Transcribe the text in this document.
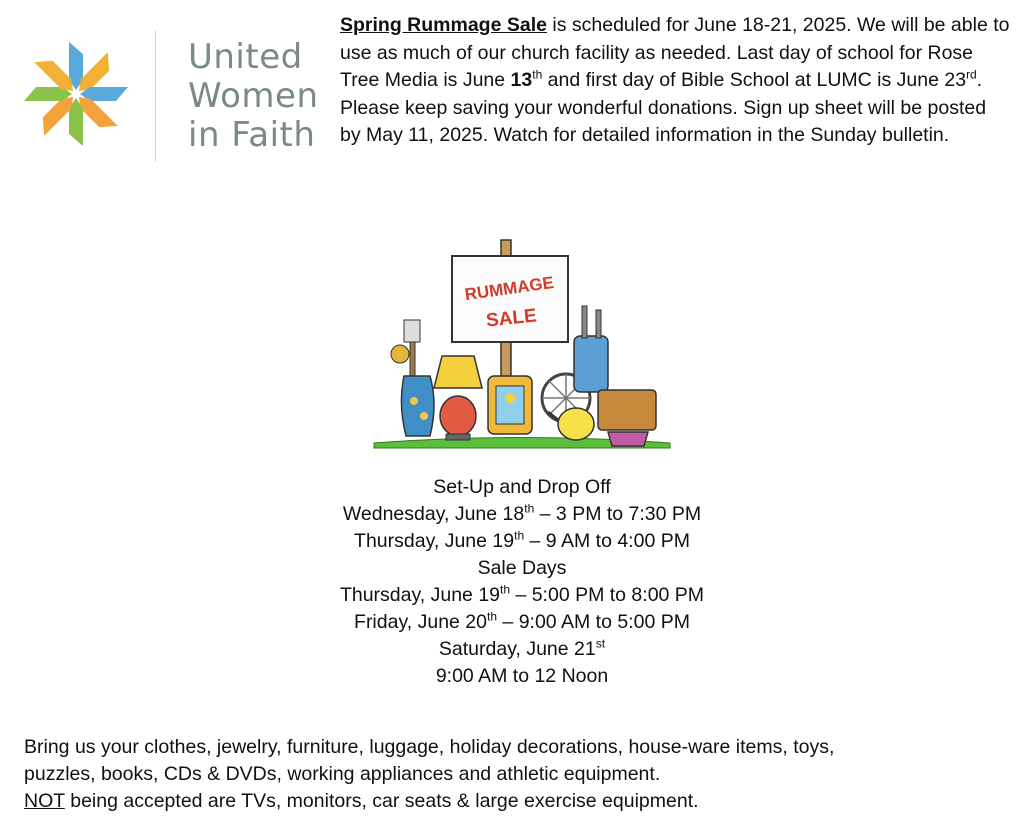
United
Women
in Faith
Spring Rummage Sale is scheduled for June 18-21, 2025. We will be able to use as much of our church facility as needed. Last day of school for Rose Tree Media is June 13th and first day of Bible School at LUMC is June 23rd. Please keep saving your wonderful donations. Sign up sheet will be posted by May 11, 2025. Watch for detailed information in the Sunday bulletin.
RUMMAGE
SALE
Set-Up and Drop Off
Wednesday, June 18th – 3 PM to 7:30 PM
Thursday, June 19th – 9 AM to 4:00 PM
Sale Days
Thursday, June 19th – 5:00 PM to 8:00 PM
Friday, June 20th – 9:00 AM to 5:00 PM
Saturday, June 21st
9:00 AM to 12 Noon
Bring us your clothes, jewelry, furniture, luggage, holiday decorations, house-ware items, toys,
puzzles, books, CDs & DVDs, working appliances and athletic equipment.
NOT being accepted are TVs, monitors, car seats & large exercise equipment.
